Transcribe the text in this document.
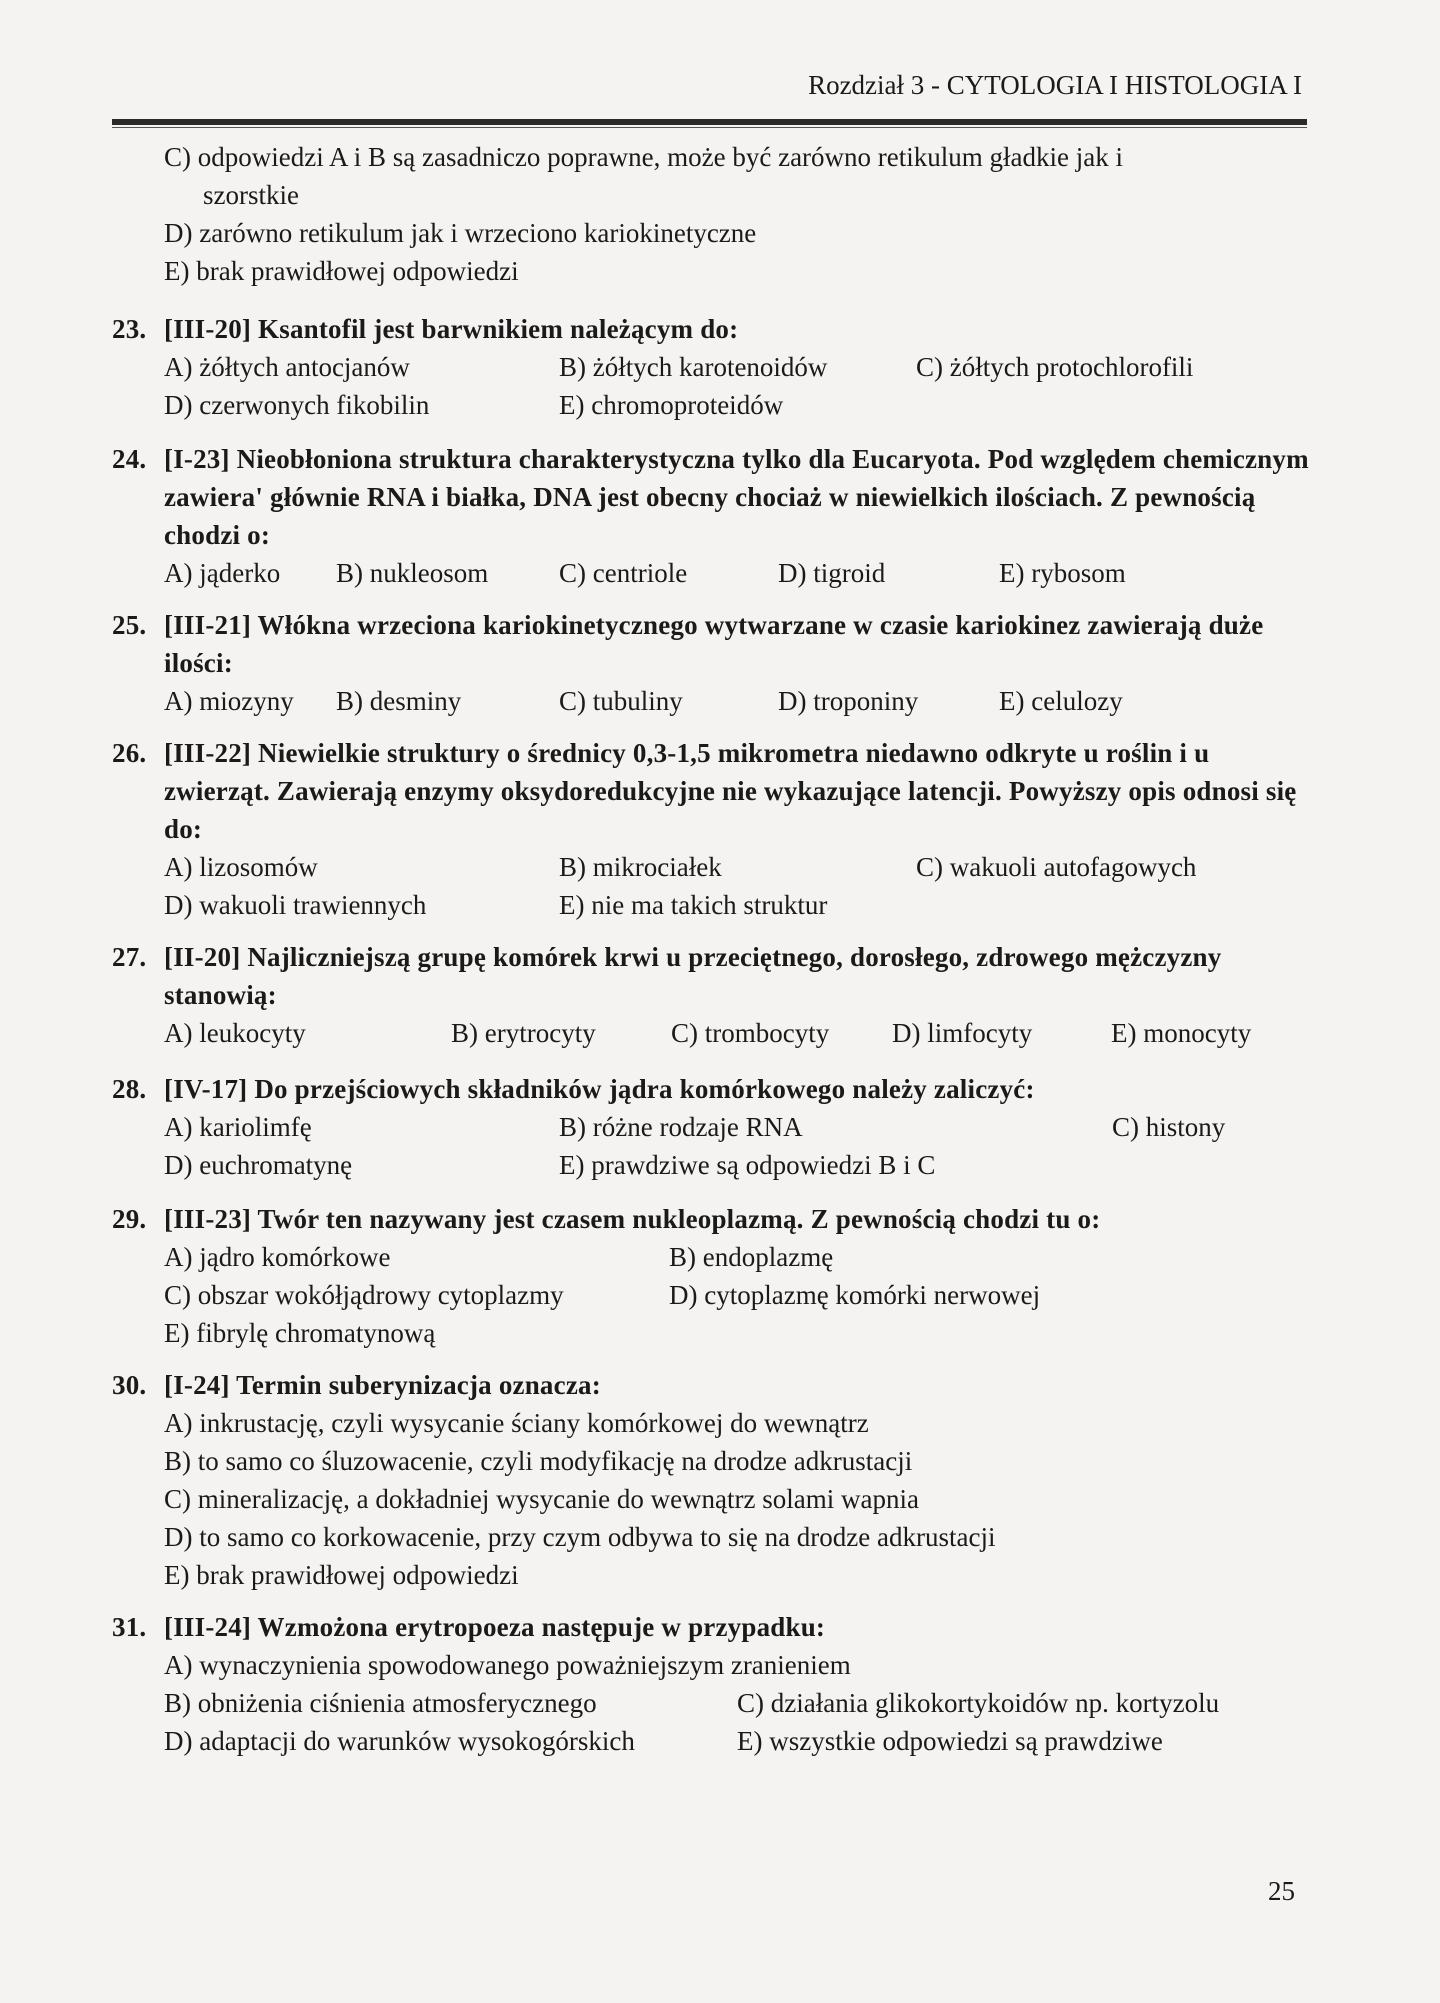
Rozdział 3 - CYTOLOGIA I HISTOLOGIA I
C) odpowiedzi A i B są zasadniczo poprawne, może być zarówno retikulum gładkie jak i
szorstkie
D) zarówno retikulum jak i wrzeciono kariokinetyczne
E) brak prawidłowej odpowiedzi
23. [III-20] Ksantofil jest barwnikiem należącym do:
A) żółtych antocjanów	B) żółtych karotenoidów	C) żółtych protochlorofili
D) czerwonych fikobilin	E) chromoproteidów
24. [I-23] Nieobłoniona struktura charakterystyczna tylko dla Eucaryota. Pod względem chemicznym zawiera' głównie RNA i białka, DNA jest obecny chociaż w niewielkich ilościach. Z pewnością chodzi o:
A) jąderko B) nukleosom	C) centriole	D) tigroid	E) rybosom
25. [III-21] Włókna wrzeciona kariokinetycznego wytwarzane w czasie kariokinez zawierają duże ilości:
A) miozyny B) desminy	C) tubuliny	D) troponiny	E) celulozy
26. [III-22] Niewielkie struktury o średnicy 0,3-1,5 mikrometra niedawno odkryte u roślin i u zwierząt. Zawierają enzymy oksydoredukcyjne nie wykazujące latencji. Powyższy opis odnosi się do:
A) lizosomów	B) mikrociałek	C) wakuoli autofagowych
D) wakuoli trawiennych	E) nie ma takich struktur
27. [II-20] Najliczniejszą grupę komórek krwi u przeciętnego, dorosłego, zdrowego mężczyzny stanowią:
A) leukocyty	B) erytrocyty	C) trombocyty D) limfocyty	E) monocyty
28. [IV-17] Do przejściowych składników jądra komórkowego należy zaliczyć:
A) kariolimfę	B) różne rodzaje RNA	C) histony
D) euchromatynę	E) prawdziwe są odpowiedzi B i C
29. [III-23] Twór ten nazywany jest czasem nukleoplazmą. Z pewnością chodzi tu o:
A) jądro komórkowe	B) endoplazmę
C) obszar wokółjądrowy cytoplazmy	D) cytoplazmę komórki nerwowej
E) fibrylę chromatynową
30. [I-24] Termin suberynizacja oznacza:
A) inkrustację, czyli wysycanie ściany komórkowej do wewnątrz
B) to samo co śluzowacenie, czyli modyfikację na drodze adkrustacji
C) mineralizację, a dokładniej wysycanie do wewnątrz solami wapnia
D) to samo co korkowacenie, przy czym odbywa to się na drodze adkrustacji
E) brak prawidłowej odpowiedzi
31. [III-24] Wzmożona erytropoeza następuje w przypadku:
A) wynaczynienia spowodowanego poważniejszym zranieniem
B) obniżenia ciśnienia atmosferycznego	C) działania glikokortykoidów np. kortyzolu
D) adaptacji do warunków wysokogórskich	E) wszystkie odpowiedzi są prawdziwe
25
